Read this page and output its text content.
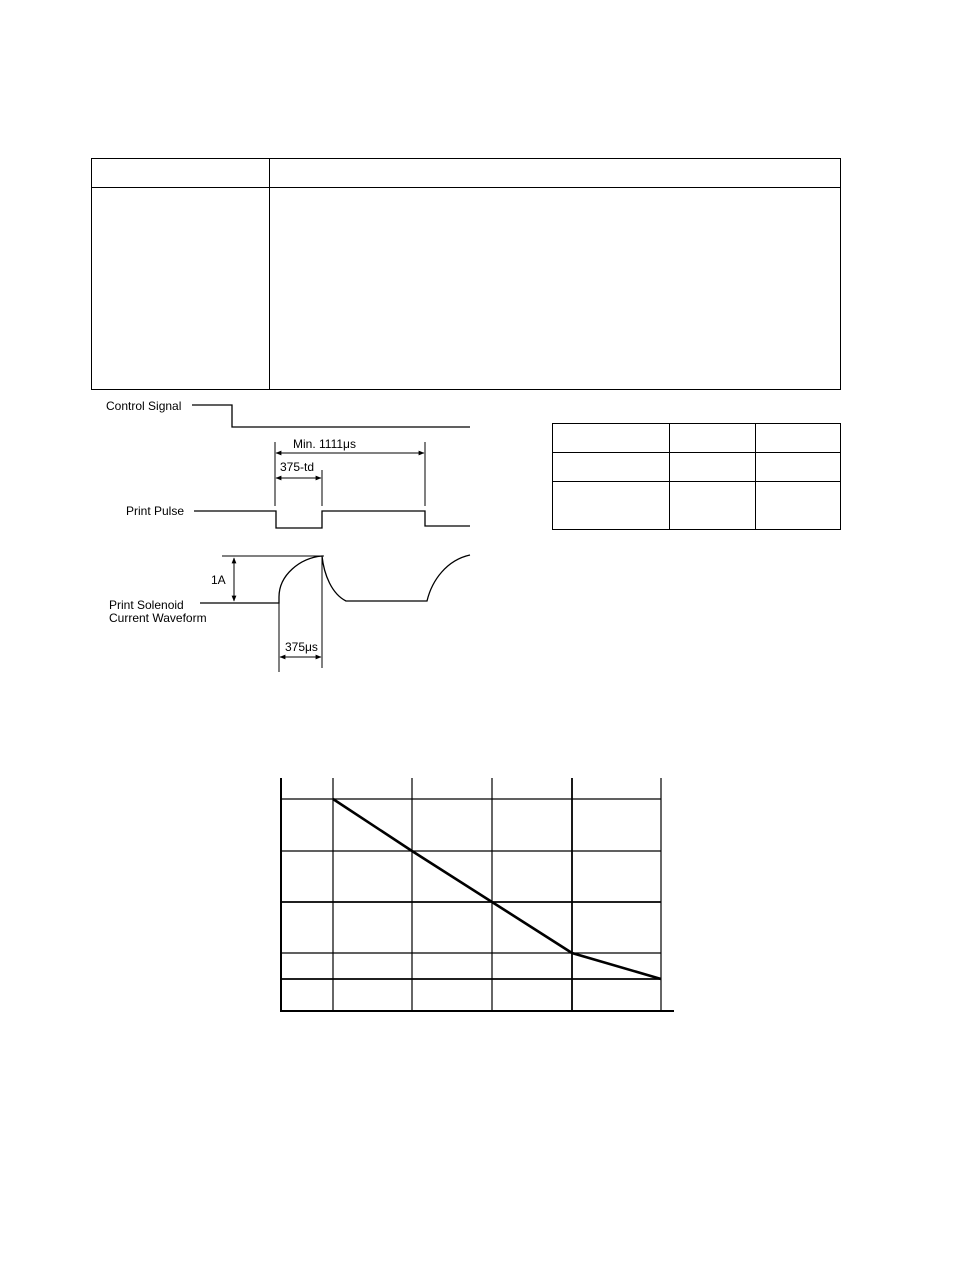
Control Signal
Min. 1111μs
375-td
Print Pulse
1A
Print Solenoid
Current Waveform
375μs
